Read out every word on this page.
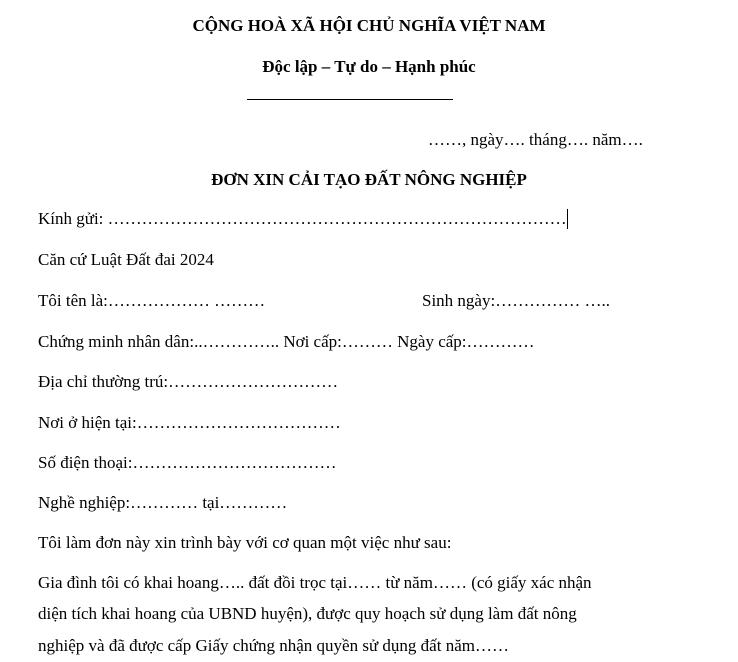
CỘNG HOÀ XÃ HỘI CHỦ NGHĨA VIỆT NAM
Độc lập – Tự do – Hạnh phúc
……, ngày…. tháng…. năm….
ĐƠN XIN CẢI TẠO ĐẤT NÔNG NGHIỆP
Kính gửi: ………………………………………………………………………
Căn cứ Luật Đất đai 2024
Tôi tên là:……………… ………	Sinh ngày:…………… …..
Chứng minh nhân dân:..………….. Nơi cấp:……… Ngày cấp:…………
Địa chỉ thường trú:…………………………
Nơi ở hiện tại:………………………………
Số điện thoại:………………………………
Nghề nghiệp:………… tại…………
Tôi làm đơn này xin trình bày với cơ quan một việc như sau:
Gia đình tôi có khai hoang….. đất đồi trọc tại…… từ năm…… (có giấy xác nhận
diện tích khai hoang của UBND huyện), được quy hoạch sử dụng làm đất nông
nghiệp và đã được cấp Giấy chứng nhận quyền sử dụng đất năm……
